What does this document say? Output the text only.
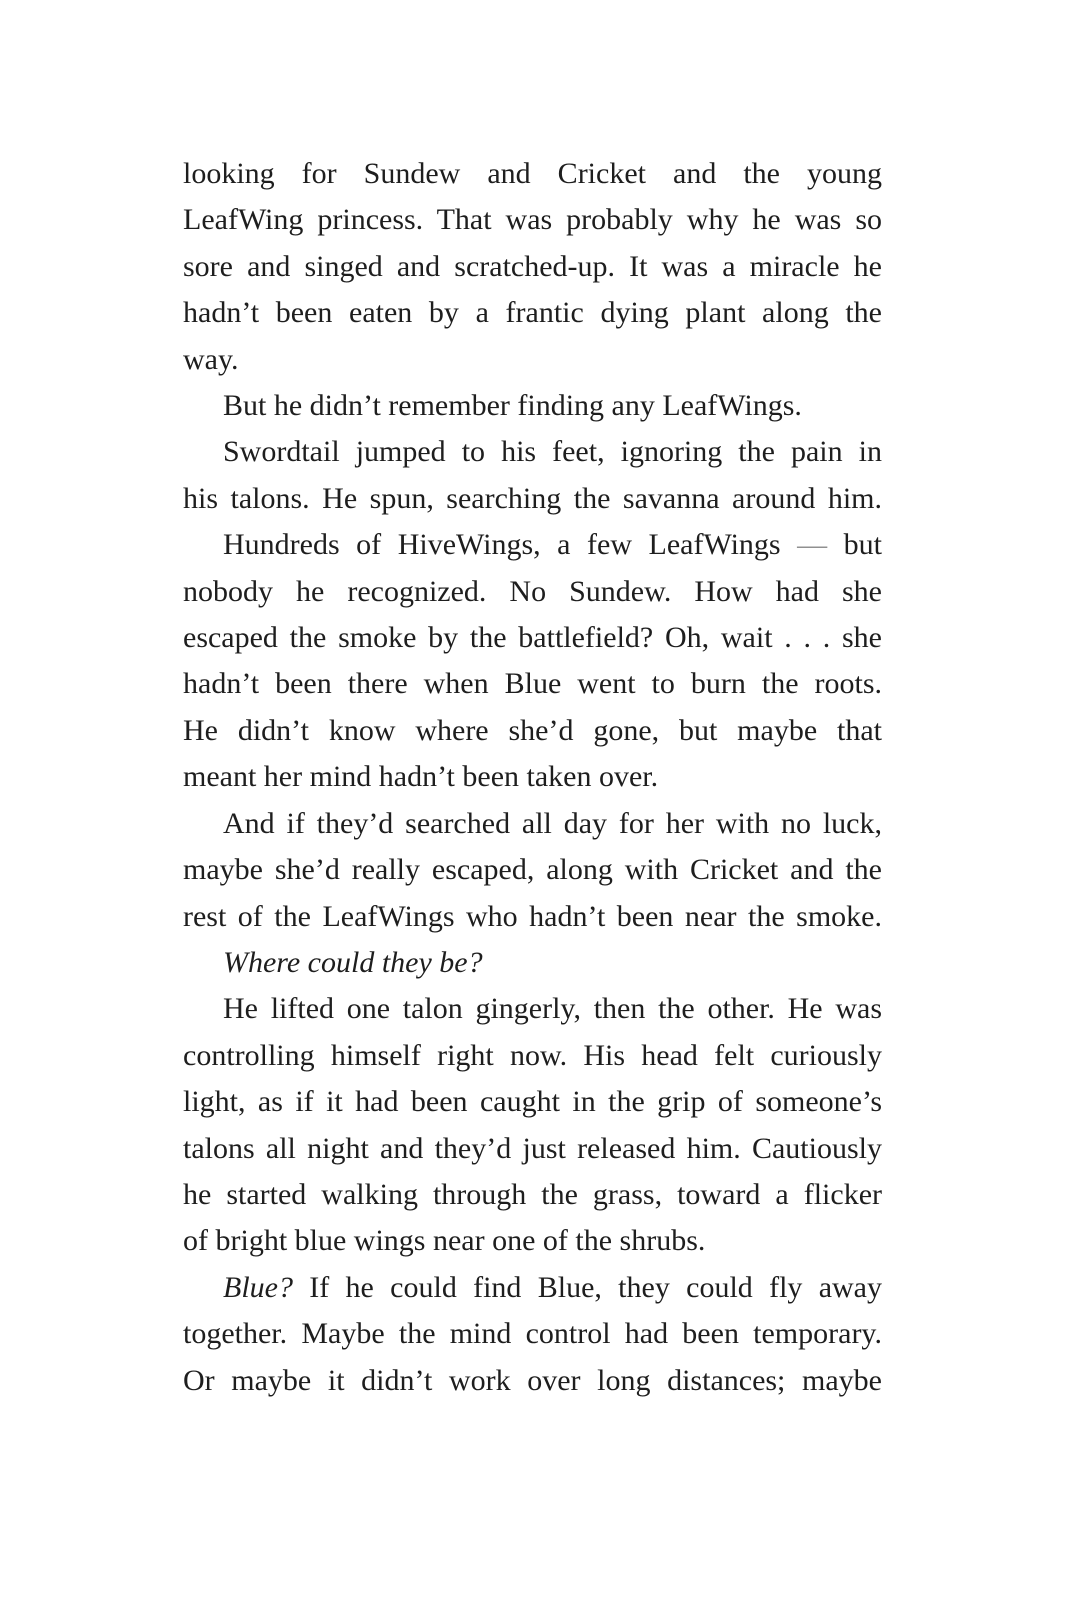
looking for Sundew and Cricket and the young
LeafWing princess. That was probably why he was so
sore and singed and scratched-up. It was a miracle he
hadn’t been eaten by a frantic dying plant along the
way.
But he didn’t remember finding any LeafWings.
Swordtail jumped to his feet, ignoring the pain in
his talons. He spun, searching the savanna around him.
Hundreds of HiveWings, a few LeafWings — but
nobody he recognized. No Sundew. How had she
escaped the smoke by the battlefield? Oh, wait . . . she
hadn’t been there when Blue went to burn the roots.
He didn’t know where she’d gone, but maybe that
meant her mind hadn’t been taken over.
And if they’d searched all day for her with no luck,
maybe she’d really escaped, along with Cricket and the
rest of the LeafWings who hadn’t been near the smoke.
Where could they be?
He lifted one talon gingerly, then the other. He was
controlling himself right now. His head felt curiously
light, as if it had been caught in the grip of someone’s
talons all night and they’d just released him. Cautiously
he started walking through the grass, toward a flicker
of bright blue wings near one of the shrubs.
Blue? If he could find Blue, they could fly away
together. Maybe the mind control had been temporary.
Or maybe it didn’t work over long distances; maybe
